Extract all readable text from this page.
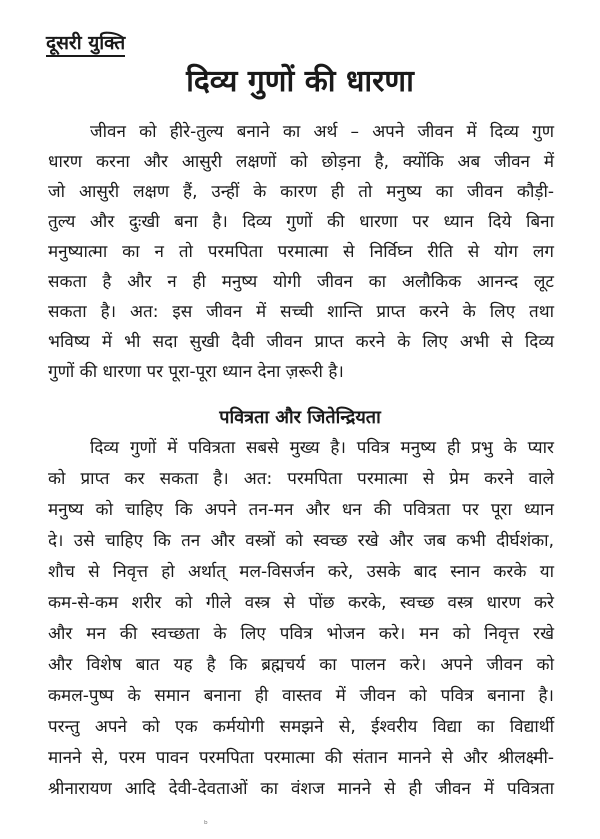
दूसरी युक्ति
दिव्य गुणों की धारणा
जीवन को हीरे-तुल्य बनाने का अर्थ – अपने जीवन में दिव्य गुण
धारण करना और आसुरी लक्षणों को छोड़ना है, क्योंकि अब जीवन में
जो आसुरी लक्षण हैं, उन्हीं के कारण ही तो मनुष्य का जीवन कौड़ी-
तुल्य और दुःखी बना है। दिव्य गुणों की धारणा पर ध्यान दिये बिना
मनुष्यात्मा का न तो परमपिता परमात्मा से निर्विघ्न रीति से योग लग
सकता है और न ही मनुष्य योगी जीवन का अलौकिक आनन्द लूट
सकता है। अत: इस जीवन में सच्ची शान्ति प्राप्त करने के लिए तथा
भविष्य में भी सदा सुखी दैवी जीवन प्राप्त करने के लिए अभी से दिव्य
गुणों की धारणा पर पूरा-पूरा ध्यान देना ज़रूरी है।
पवित्रता और जितेन्द्रियता
दिव्य गुणों में पवित्रता सबसे मुख्य है। पवित्र मनुष्य ही प्रभु के प्यार
को प्राप्त कर सकता है। अत: परमपिता परमात्मा से प्रेम करने वाले
मनुष्य को चाहिए कि अपने तन-मन और धन की पवित्रता पर पूरा ध्यान
दे। उसे चाहिए कि तन और वस्त्रों को स्वच्छ रखे और जब कभी दीर्घशंका,
शौच से निवृत्त हो अर्थात् मल-विसर्जन करे, उसके बाद स्नान करके या
कम-से-कम शरीर को गीले वस्त्र से पोंछ करके, स्वच्छ वस्त्र धारण करे
और मन की स्वच्छता के लिए पवित्र भोजन करे। मन को निवृत्त रखे
और विशेष बात यह है कि ब्रह्मचर्य का पालन करे। अपने जीवन को
कमल-पुष्प के समान बनाना ही वास्तव में जीवन को पवित्र बनाना है।
परन्तु अपने को एक कर्मयोगी समझने से, ईश्वरीय विद्या का विद्यार्थी
मानने से, परम पावन परमपिता परमात्मा की संतान मानने से और श्रीलक्ष्मी-
श्रीनारायण आदि देवी-देवताओं का वंशज मानने से ही जीवन में पवित्रता
ᵇ
